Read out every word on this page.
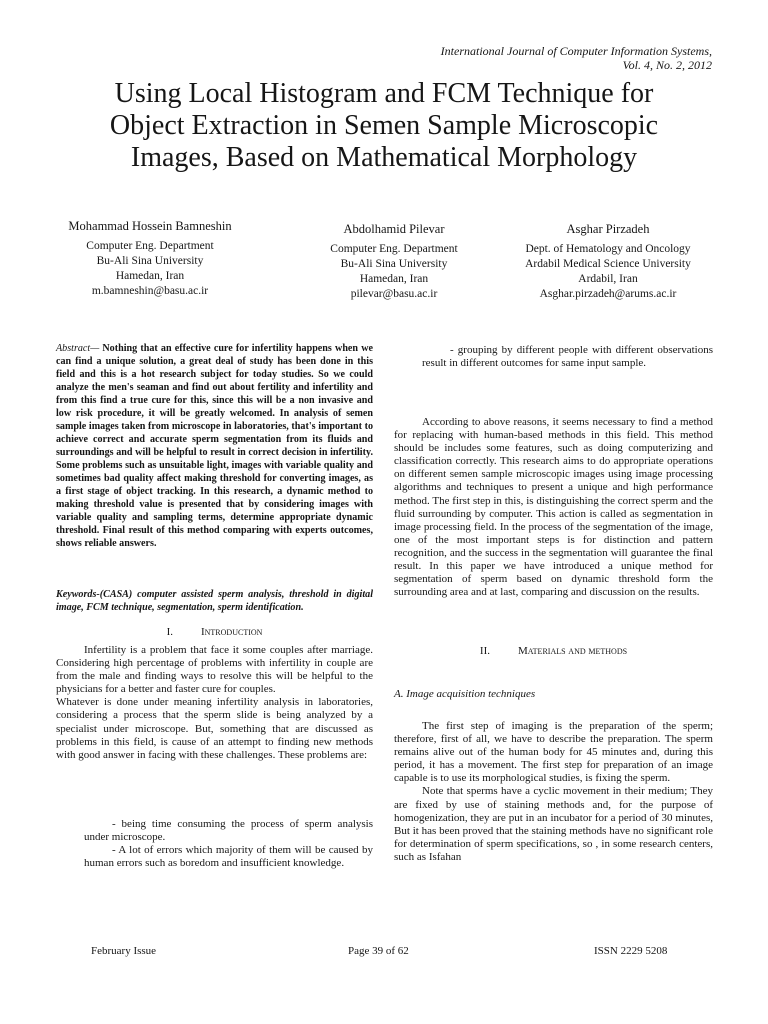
International Journal of Computer Information Systems,
Vol. 4, No. 2, 2012
Using Local Histogram and FCM Technique for
Object Extraction in Semen Sample Microscopic
Images, Based on Mathematical Morphology
Mohammad Hossein Bamneshin
Computer Eng. Department
Bu-Ali Sina University
Hamedan, Iran
m.bamneshin@basu.ac.ir
Abdolhamid Pilevar
Computer Eng. Department
Bu-Ali Sina University
Hamedan, Iran
pilevar@basu.ac.ir
Asghar Pirzadeh
Dept. of Hematology and Oncology
Ardabil Medical Science University
Ardabil, Iran
Asghar.pirzadeh@arums.ac.ir
Abstract— Nothing that an effective cure for infertility happens when we can find a unique solution, a great deal of study has been done in this field and this is a hot research subject for today studies. So we could analyze the men's seaman and find out about fertility and infertility and from this find a true cure for this, since this will be a non invasive and low risk procedure, it will be greatly welcomed. In analysis of semen sample images taken from microscope in laboratories, that's important to achieve correct and accurate sperm segmentation from its fluids and surroundings and will be helpful to result in correct decision in infertility. Some problems such as unsuitable light, images with variable quality and sometimes bad quality affect making threshold for converting images, as a first stage of object tracking. In this research, a dynamic method to making threshold value is presented that by considering images with variable quality and sampling terms, determine appropriate dynamic threshold. Final result of this method comparing with experts outcomes, shows reliable answers.
Keywords-(CASA) computer assisted sperm analysis, threshold in digital image, FCM technique, segmentation, sperm identification.
I.	Introduction

Infertility is a problem that face it some couples after marriage. Considering high percentage of problems with infertility in couple are from the male and finding ways to resolve this will be helpful to the physicians for a better and faster cure for couples.

Whatever is done under meaning infertility analysis in laboratories, considering a process that the sperm slide is being analyzed by a specialist under microscope. But, something that are discussed as problems in this field, is cause of an attempt to finding new methods with good answer in facing with these challenges. These problems are:

- being time consuming the process of sperm analysis under microscope.

- A lot of errors which majority of them will be caused by human errors such as boredom and insufficient knowledge.

- grouping by different people with different observations result in different outcomes for same input sample.

According to above reasons, it seems necessary to find a method for replacing with human-based methods in this field. This method should be includes some features, such as doing computerizing and classification correctly. This research aims to do appropriate operations on different semen sample microscopic images using image processing algorithms and techniques to present a unique and high performance method. The first step in this, is distinguishing the correct sperm and the fluid surrounding by computer. This action is called as segmentation in image processing field. In the process of the segmentation of the image, one of the most important steps is for distinction and pattern recognition, and the success in the segmentation will guarantee the final result. In this paper we have introduced a unique method for segmentation of sperm based on dynamic threshold form the surrounding area and at last, comparing and discussion on the results.

II.	Materials and methods
A. Image acquisition techniques

The first step of imaging is the preparation of the sperm; therefore, first of all, we have to describe the preparation. The sperm remains alive out of the human body for 45 minutes and, during this period, it has a movement. The first step for preparation of an image capable is to use its morphological studies, is fixing the sperm.

Note that sperms have a cyclic movement in their medium; They are fixed by use of staining methods and, for the purpose of homogenization, they are put in an incubator for a period of 30 minutes, But it has been proved that the staining methods have no significant role for determination of sperm specifications, so , in some research centers, such as Isfahan

February Issue	Page 39 of 62	ISSN 2229 5208
